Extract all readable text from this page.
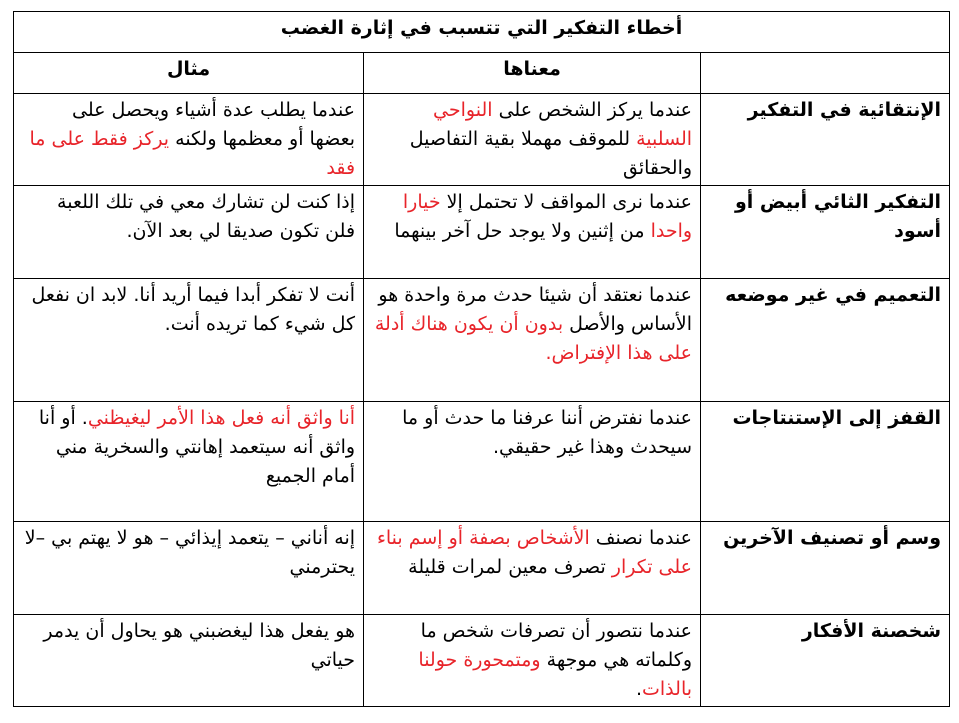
أخطاء التفكير التي تتسبب في إثارة الغضب		
	معناها	مثال
الإنتقائية في التفكير	عندما يركز الشخص على النواحي السلبية للموقف مهملا بقية التفاصيل والحقائق	عندما يطلب عدة أشياء ويحصل على بعضها أو معظمها ولكنه يركز فقط على ما فقد
التفكير الثائي أبيض أو أسود	عندما نرى المواقف لا تحتمل إلا خيارا واحدا من إثنين ولا يوجد حل آخر بينهما	إذا كنت لن تشارك معي في تلك اللعبة فلن تكون صديقا لي بعد الآن.
التعميم في غير موضعه	عندما نعتقد أن شيئا حدث مرة واحدة هو الأساس والأصل بدون أن يكون هناك أدلة على هذا الإفتراض.	أنت لا تفكر أبدا فيما أريد أنا. لابد ان نفعل كل شيء كما تريده أنت.
القفز إلى الإستنتاجات	عندما نفترض أننا عرفنا ما حدث أو ما سيحدث وهذا غير حقيقي.	أنا واثق أنه فعل هذا الأمر ليغيظني. أو أنا واثق أنه سيتعمد إهانتي والسخرية مني أمام الجميع
وسم أو تصنيف الآخرين	عندما نصنف الأشخاص بصفة أو إسم بناء على تكرار تصرف معين لمرات قليلة	إنه أناني – يتعمد إيذائي – هو لا يهتم بي –لا يحترمني
شخصنة الأفكار	عندما نتصور أن تصرفات شخص ما وكلماته هي موجهة ومتمحورة حولنا بالذات.	هو يفعل هذا ليغضبني هو يحاول أن يدمر حياتي
